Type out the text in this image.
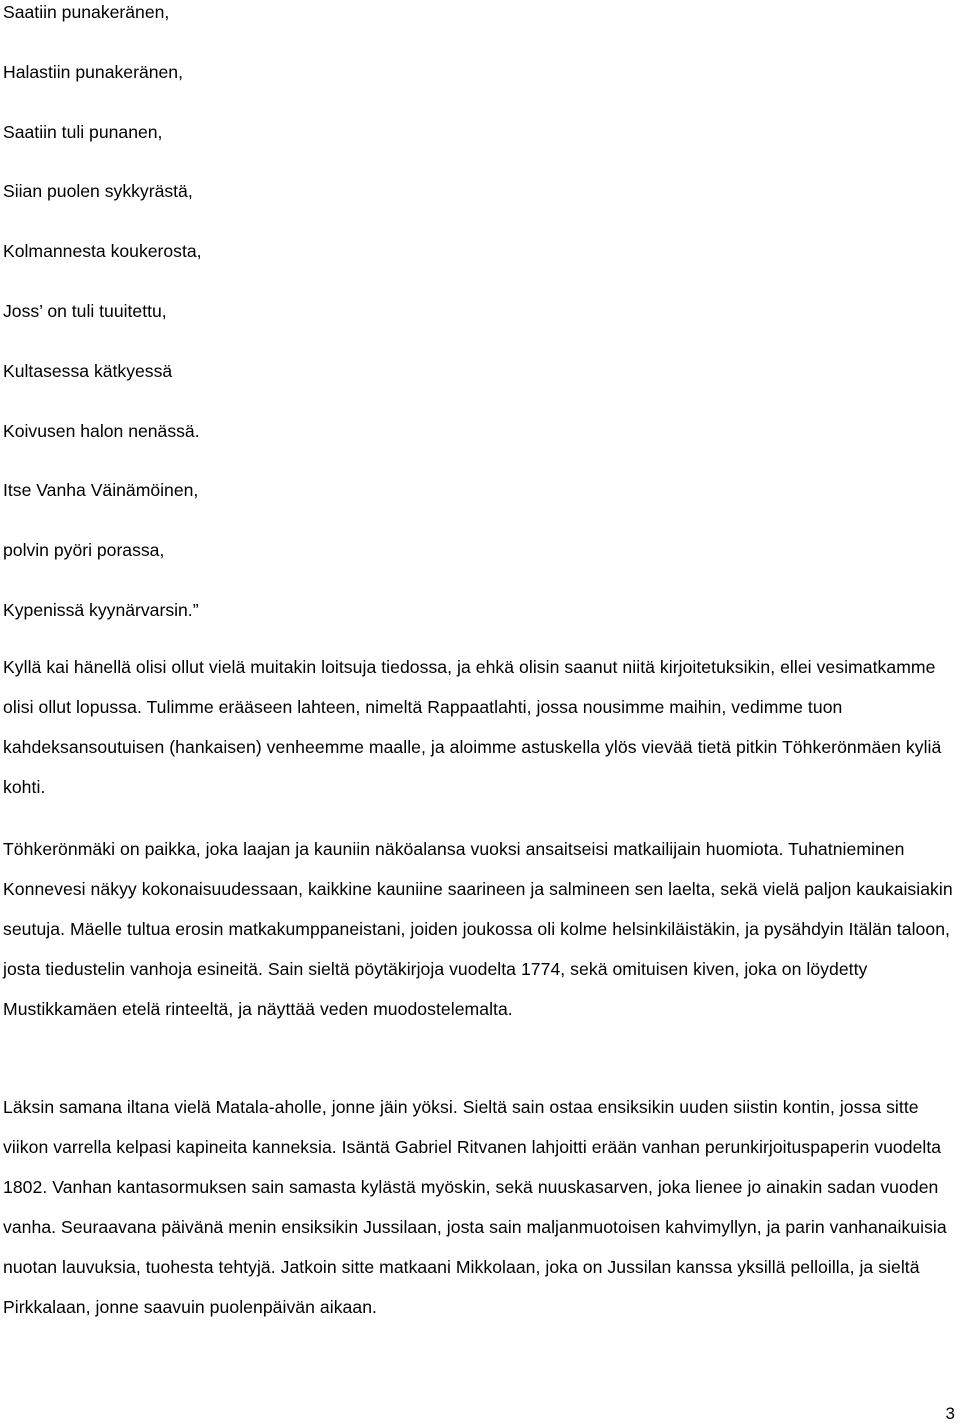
Saatiin punakeränen,
Halastiin punakeränen,
Saatiin tuli punanen,
Siian puolen sykkyrästä,
Kolmannesta koukerosta,
Joss’ on tuli tuuitettu,
Kultasessa kätkyessä
Koivusen halon nenässä.
Itse Vanha Väinämöinen,
polvin pyöri porassa,
Kypenissä kyynärvarsin.”

Kyllä kai hänellä olisi ollut vielä muitakin loitsuja tiedossa, ja ehkä olisin saanut niitä kirjoitetuksikin, ellei vesimatkamme olisi ollut lopussa. Tulimme erääseen lahteen, nimeltä Rappaatlahti, jossa nousimme maihin, vedimme tuon kahdeksansoutuisen (hankaisen) venheemme maalle, ja aloimme astuskella ylös vievää tietä pitkin Töhkerönmäen kyliä kohti.

Töhkerönmäki on paikka, joka laajan ja kauniin näköalansa vuoksi ansaitseisi matkailijain huomiota. Tuhatnieminen Konnevesi näkyy kokonaisuudessaan, kaikkine kauniine saarineen ja salmineen sen laelta, sekä vielä paljon kaukaisiakin seutuja. Mäelle tultua erosin matkakumppaneistani, joiden joukossa oli kolme helsinkiläistäkin, ja pysähdyin Itälän taloon, josta tiedustelin vanhoja esineitä. Sain sieltä pöytäkirjoja vuodelta 1774, sekä omituisen kiven, joka on löydetty Mustikkamäen etelä rinteeltä, ja näyttää veden muodostelemalta.

Läksin samana iltana vielä Matala-aholle, jonne jäin yöksi. Sieltä sain ostaa ensiksikin uuden siistin kontin, jossa sitte viikon varrella kelpasi kapineita kanneksia. Isäntä Gabriel Ritvanen lahjoitti erään vanhan perunkirjoituspaperin vuodelta 1802. Vanhan kantasormuksen sain samasta kylästä myöskin, sekä nuuskasarven, joka lienee jo ainakin sadan vuoden vanha. Seuraavana päivänä menin ensiksikin Jussilaan, josta sain maljanmuotoisen kahvimyllyn, ja parin vanhanaikuisia nuotan lauvuksia, tuohesta tehtyjä. Jatkoin sitte matkaani Mikkolaan, joka on Jussilan kanssa yksillä pelloilla, ja sieltä Pirkkalaan, jonne saavuin puolenpäivän aikaan.

3
